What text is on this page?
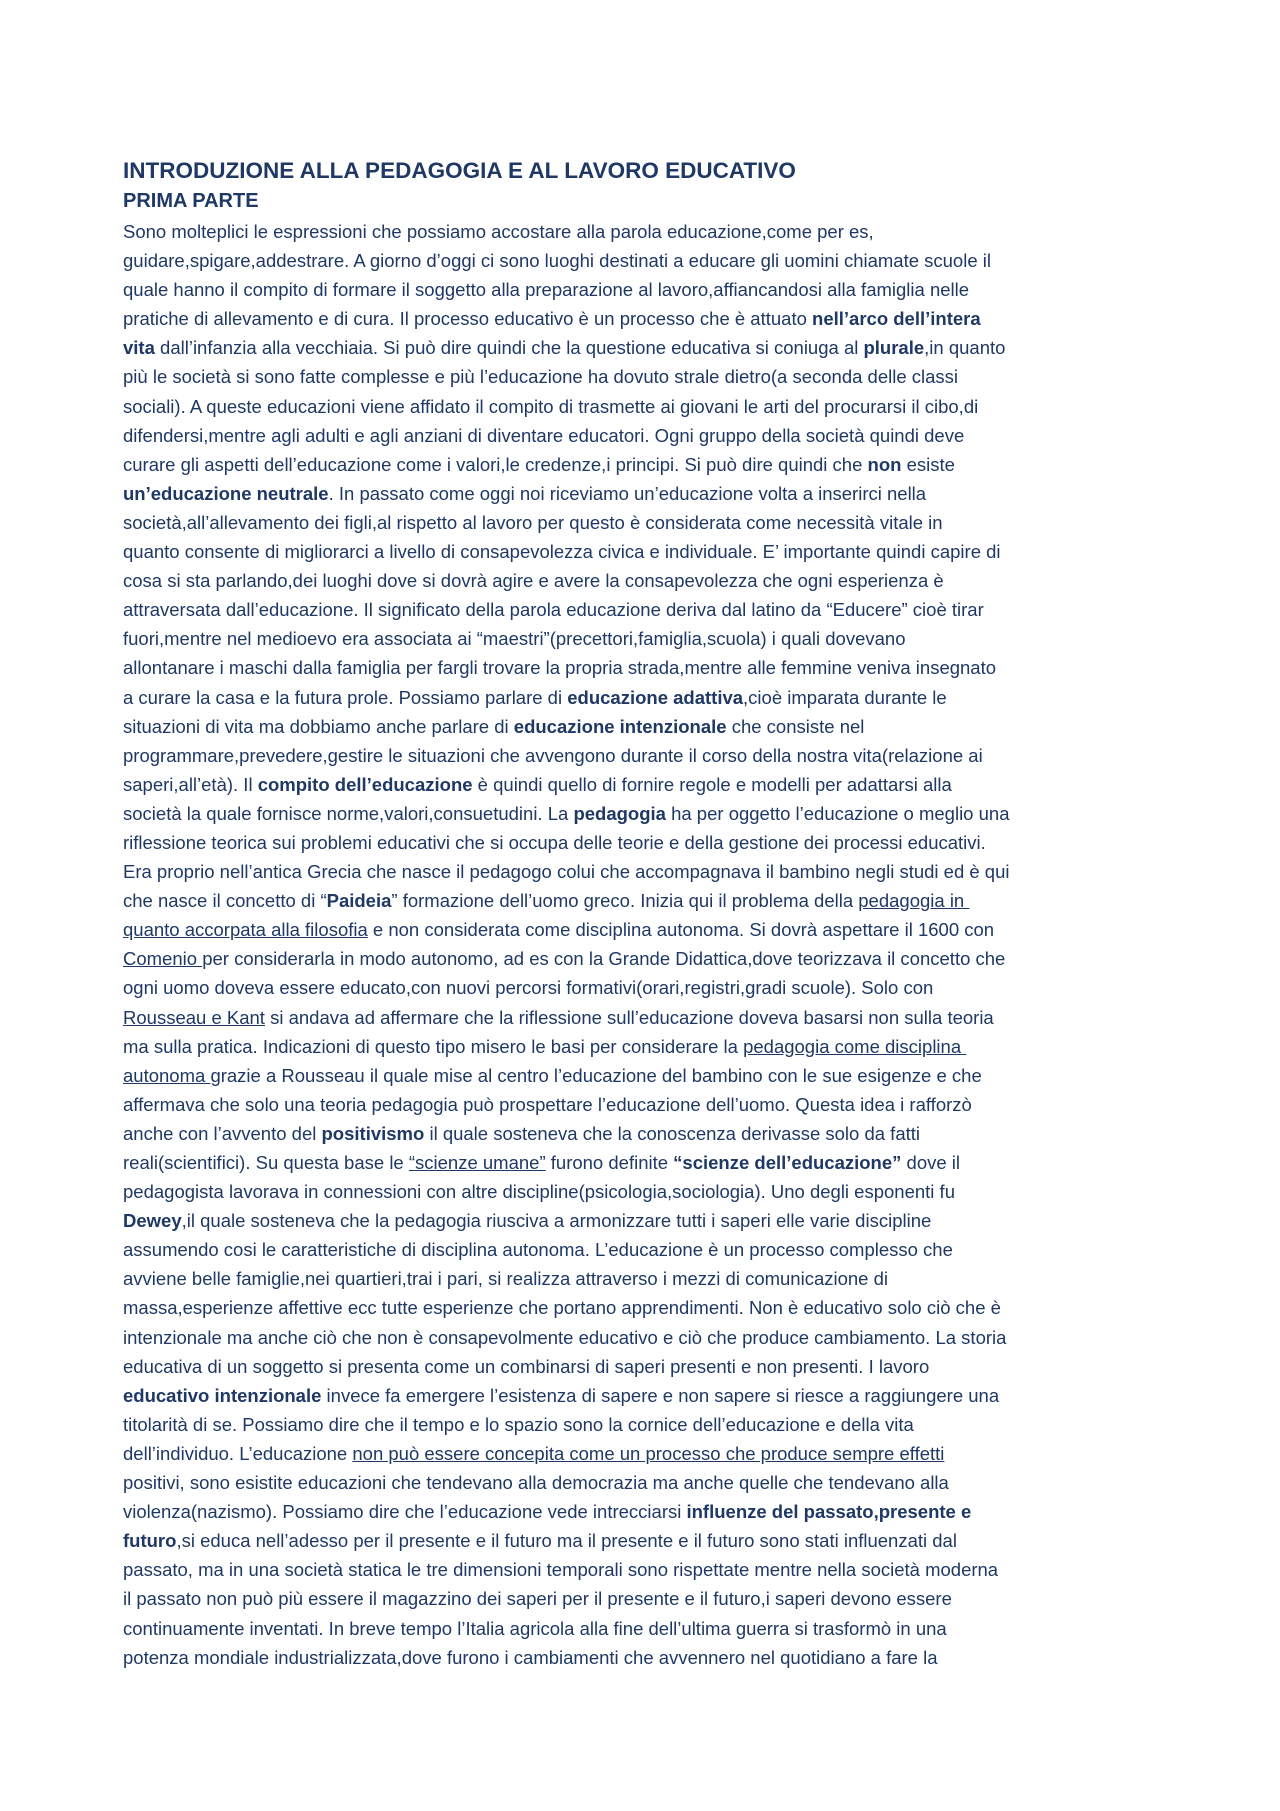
INTRODUZIONE ALLA PEDAGOGIA E AL LAVORO EDUCATIVO
PRIMA PARTE
Sono molteplici le espressioni che possiamo accostare alla parola educazione,come per es,
guidare,spigare,addestrare. A giorno d’oggi ci sono luoghi destinati a educare gli uomini chiamate scuole il
quale hanno il compito di formare il soggetto alla preparazione al lavoro,affiancandosi alla famiglia nelle
pratiche di allevamento e di cura. Il processo educativo è un processo che è attuato nell’arco dell’intera
vita dall’infanzia alla vecchiaia. Si può dire quindi che la questione educativa si coniuga al plurale,in quanto
più le società si sono fatte complesse e più l’educazione ha dovuto strale dietro(a seconda delle classi
sociali). A queste educazioni viene affidato il compito di trasmette ai giovani le arti del procurarsi il cibo,di
difendersi,mentre agli adulti e agli anziani di diventare educatori. Ogni gruppo della società quindi deve
curare gli aspetti dell’educazione come i valori,le credenze,i principi. Si può dire quindi che non esiste
un’educazione neutrale. In passato come oggi noi riceviamo un’educazione volta a inserirci nella
società,all’allevamento dei figli,al rispetto al lavoro per questo è considerata come necessità vitale in
quanto consente di migliorarci a livello di consapevolezza civica e individuale. E’ importante quindi capire di
cosa si sta parlando,dei luoghi dove si dovrà agire e avere la consapevolezza che ogni esperienza è
attraversata dall’educazione. Il significato della parola educazione deriva dal latino da “Educere” cioè tirar
fuori,mentre nel medioevo era associata ai “maestri”(precettori,famiglia,scuola) i quali dovevano
allontanare i maschi dalla famiglia per fargli trovare la propria strada,mentre alle femmine veniva insegnato
a curare la casa e la futura prole. Possiamo parlare di educazione adattiva,cioè imparata durante le
situazioni di vita ma dobbiamo anche parlare di educazione intenzionale che consiste nel
programmare,prevedere,gestire le situazioni che avvengono durante il corso della nostra vita(relazione ai
saperi,all’età). Il compito dell’educazione è quindi quello di fornire regole e modelli per adattarsi alla
società la quale fornisce norme,valori,consuetudini. La pedagogia ha per oggetto l’educazione o meglio una
riflessione teorica sui problemi educativi che si occupa delle teorie e della gestione dei processi educativi.
Era proprio nell’antica Grecia che nasce il pedagogo colui che accompagnava il bambino negli studi ed è qui
che nasce il concetto di “Paideia” formazione dell’uomo greco. Inizia qui il problema della pedagogia in
quanto accorpata alla filosofia e non considerata come disciplina autonoma. Si dovrà aspettare il 1600 con
Comenio per considerarla in modo autonomo, ad es con la Grande Didattica,dove teorizzava il concetto che
ogni uomo doveva essere educato,con nuovi percorsi formativi(orari,registri,gradi scuole). Solo con
Rousseau e Kant si andava ad affermare che la riflessione sull’educazione doveva basarsi non sulla teoria
ma sulla pratica. Indicazioni di questo tipo misero le basi per considerare la pedagogia come disciplina
autonoma grazie a Rousseau il quale mise al centro l’educazione del bambino con le sue esigenze e che
affermava che solo una teoria pedagogia può prospettare l’educazione dell’uomo. Questa idea i rafforzò
anche con l’avvento del positivismo il quale sosteneva che la conoscenza derivasse solo da fatti
reali(scientifici). Su questa base le “scienze umane” furono definite “scienze dell’educazione” dove il
pedagogista lavorava in connessioni con altre discipline(psicologia,sociologia). Uno degli esponenti fu
Dewey,il quale sosteneva che la pedagogia riusciva a armonizzare tutti i saperi elle varie discipline
assumendo cosi le caratteristiche di disciplina autonoma. L’educazione è un processo complesso che
avviene belle famiglie,nei quartieri,trai i pari, si realizza attraverso i mezzi di comunicazione di
massa,esperienze affettive ecc tutte esperienze che portano apprendimenti. Non è educativo solo ciò che è
intenzionale ma anche ciò che non è consapevolmente educativo e ciò che produce cambiamento. La storia
educativa di un soggetto si presenta come un combinarsi di saperi presenti e non presenti. I lavoro
educativo intenzionale invece fa emergere l’esistenza di sapere e non sapere si riesce a raggiungere una
titolarità di se. Possiamo dire che il tempo e lo spazio sono la cornice dell’educazione e della vita
dell’individuo. L’educazione non può essere concepita come un processo che produce sempre effetti
positivi, sono esistite educazioni che tendevano alla democrazia ma anche quelle che tendevano alla
violenza(nazismo). Possiamo dire che l’educazione vede intrecciarsi influenze del passato,presente e
futuro,si educa nell’adesso per il presente e il futuro ma il presente e il futuro sono stati influenzati dal
passato, ma in una società statica le tre dimensioni temporali sono rispettate mentre nella società moderna
il passato non può più essere il magazzino dei saperi per il presente e il futuro,i saperi devono essere
continuamente inventati. In breve tempo l’Italia agricola alla fine dell’ultima guerra si trasformò in una
potenza mondiale industrializzata,dove furono i cambiamenti che avvennero nel quotidiano a fare la
